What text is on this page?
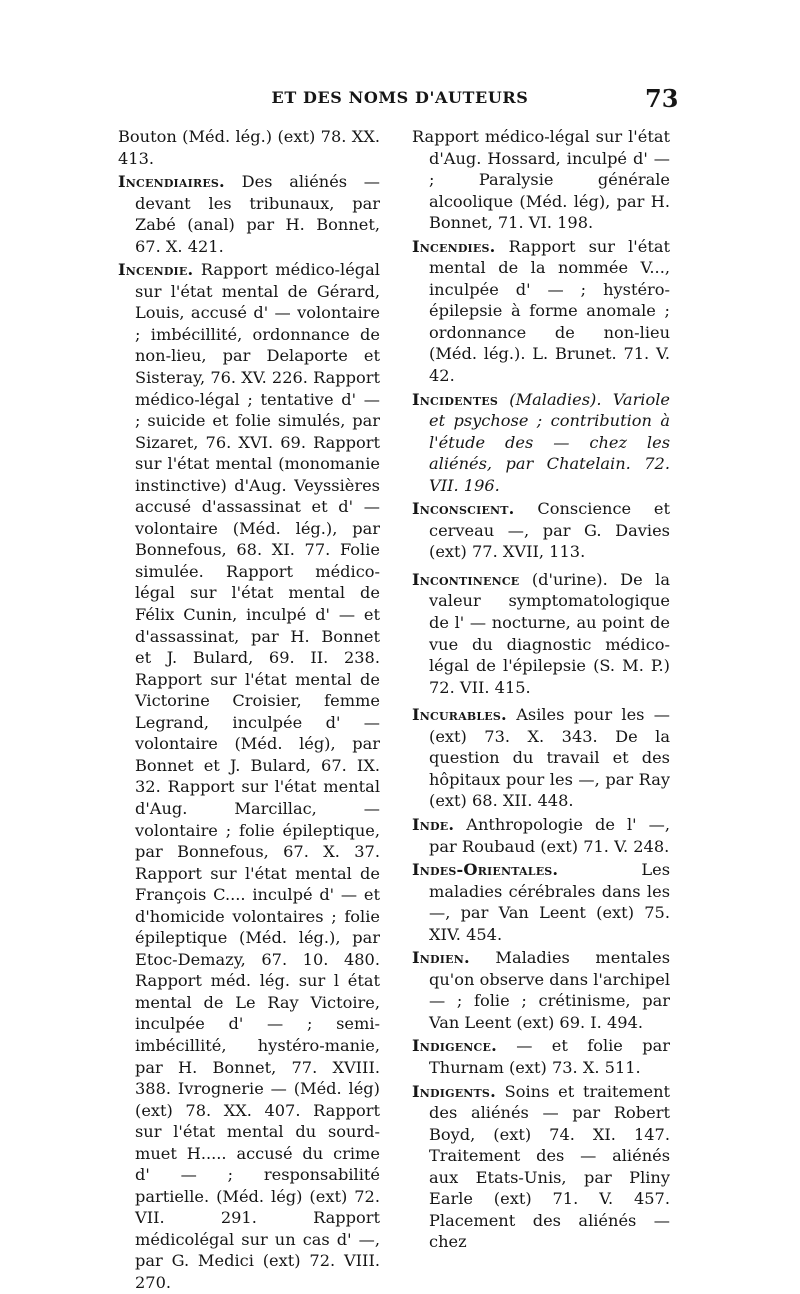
ET DES NOMS D'AUTEURS	73
Bouton (Méd. lég.) (ext) 78. XX. 413.
Incendiaires. Des aliénés — devant les tribunaux, par Zabé (anal) par H. Bonnet, 67. X. 421.
Incendie. Rapport médico-légal sur l'état mental de Gérard, Louis, accusé d' — volontaire ; imbécillité, ordonnance de non-lieu, par Delaporte et Sisteray, 76. XV. 226. Rapport médico-légal ; tentative d' — ; suicide et folie simulés, par Sizaret, 76. XVI. 69. Rapport sur l'état mental (monomanie instinctive) d'Aug. Veyssières accusé d'assassinat et d' — volontaire (Méd. lég.), par Bonnefous, 68. XI. 77. Folie simulée. Rapport médico-légal sur l'état mental de Félix Cunin, inculpé d' — et d'assassinat, par H. Bonnet et J. Bulard, 69. II. 238. Rapport sur l'état mental de Victorine Croisier, femme Legrand, inculpée d' — volontaire (Méd. lég), par Bonnet et J. Bulard, 67. IX. 32. Rapport sur l'état mental d'Aug. Marcillac, — volontaire ; folie épileptique, par Bonnefous, 67. X. 37. Rapport sur l'état mental de François C.... inculpé d' — et d'homicide volontaires ; folie épileptique (Méd. lég.), par Etoc-Demazy, 67. 10. 480. Rapport méd. lég. sur l état mental de Le Ray Victoire, inculpée d' — ; semi-imbécillité, hystéro-manie, par H. Bonnet, 77. XVIII. 388. Ivrognerie — (Méd. lég) (ext) 78. XX. 407. Rapport sur l'état mental du sourd-muet H..... accusé du crime d' — ; responsabilité partielle. (Méd. lég) (ext) 72. VII. 291. Rapport médicolégal sur un cas d' —, par G. Medici (ext) 72. VIII. 270.
Rapport médico-légal sur l'état d'Aug. Hossard, inculpé d' — ; Paralysie générale alcoolique (Méd. lég), par H. Bonnet, 71. VI. 198.
Incendies. Rapport sur l'état mental de la nommée V..., inculpée d' — ; hystéro-épilepsie à forme anomale ; ordonnance de non-lieu (Méd. lég.). L. Brunet. 71. V. 42.
Incidentes (Maladies). Variole et psychose ; contribution à l'étude des — chez les aliénés, par Chatelain. 72. VII. 196.
Inconscient. Conscience et cerveau —, par G. Davies (ext) 77. XVII, 113.
Incontinence (d'urine). De la valeur symptomatologique de l' — nocturne, au point de vue du diagnostic médico-légal de l'épilepsie (S. M. P.) 72. VII. 415.
Incurables. Asiles pour les — (ext) 73. X. 343. De la question du travail et des hôpitaux pour les —, par Ray (ext) 68. XII. 448.
Inde. Anthropologie de l' —, par Roubaud (ext) 71. V. 248.
Indes-Orientales.	Les maladies cérébrales dans les —, par Van Leent (ext) 75. XIV. 454.
Indien. Maladies mentales qu'on observe dans l'archipel — ; folie ; crétinisme, par Van Leent (ext) 69. I. 494.
Indigence. — et folie par Thurnam (ext) 73. X. 511.
Indigents. Soins et traitement des aliénés — par Robert Boyd, (ext) 74. XI. 147. Traitement des — aliénés aux Etats-Unis, par Pliny Earle (ext) 71. V. 457. Placement des aliénés — chez
